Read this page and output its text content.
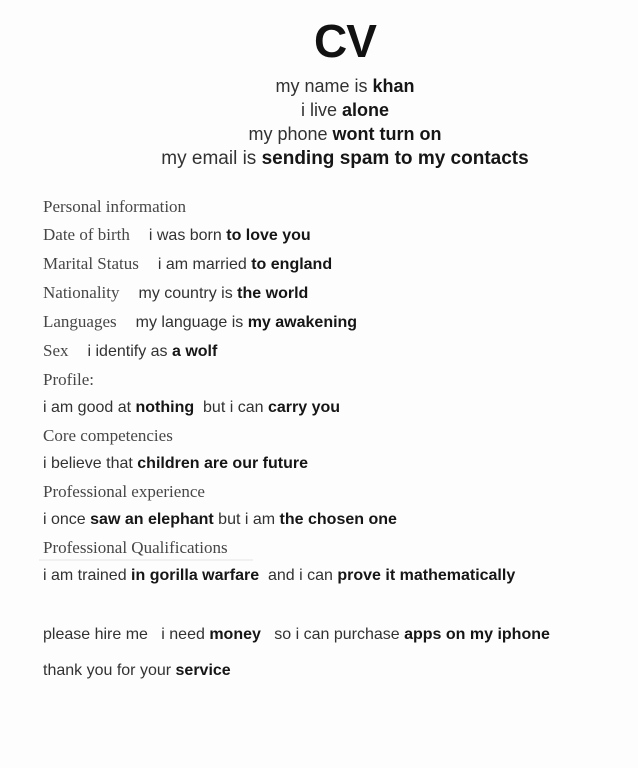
CV
my name is khan
i live alone
my phone wont turn on
my email is sending spam to my contacts
Personal information
Date of birth i was born to love you
Marital Status i am married to england
Nationality my country is the world
Languages my language is my awakening
Sex i identify as a wolf
Profile:
i am good at nothing  but i can carry you
Core competencies
i believe that children are our future
Professional experience
i once saw an elephant but i am the chosen one
Professional Qualifications
i am trained in gorilla warfare  and i can prove it mathematically
please hire me   i need money   so i can purchase apps on my iphone
thank you for your service
